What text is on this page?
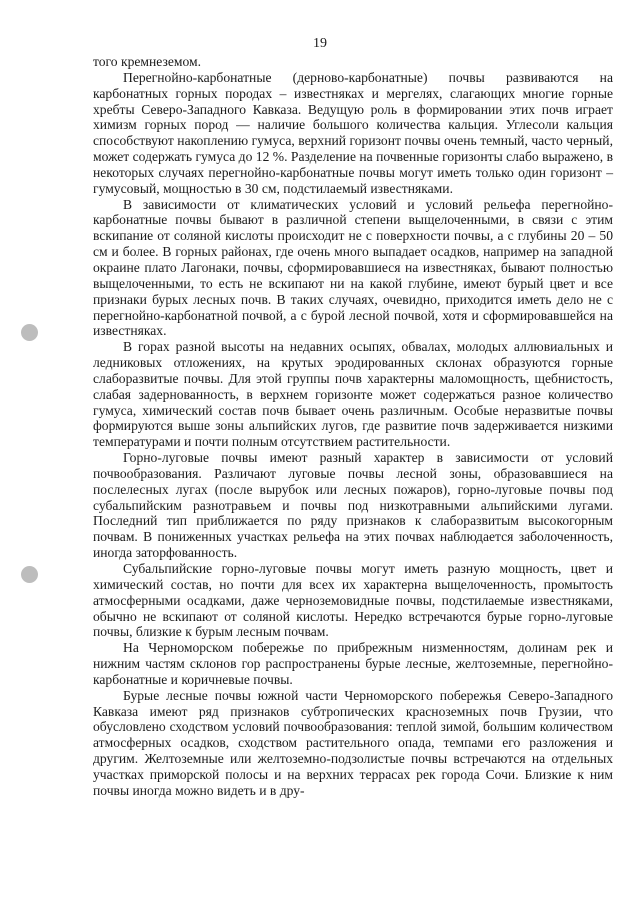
19

того кремнеземом.

Перегнойно-карбонатные (дерново-карбонатные) почвы развиваются на карбонатных горных породах – известняках и мергелях, слагающих многие горные хребты Северо-Западного Кавказа. Ведущую роль в формировании этих почв играет химизм горных пород — наличие большого количества кальция. Углесоли кальция способствуют накоплению гумуса, верхний горизонт почвы очень темный, часто черный, может содержать гумуса до 12 %. Разделение на почвенные горизонты слабо выражено, в некоторых случаях перегнойно-карбонатные почвы могут иметь только один горизонт – гумусовый, мощностью в 30 см, подстилаемый известняками.

В зависимости от климатических условий и условий рельефа перегнойно-карбонатные почвы бывают в различной степени выщелоченными, в связи с этим вскипание от соляной кислоты происходит не с поверхности почвы, а с глубины 20 – 50 см и более. В горных районах, где очень много выпадает осадков, например на западной окраине плато Лагонаки, почвы, сформировавшиеся на известняках, бывают полностью выщелоченными, то есть не вскипают ни на какой глубине, имеют бурый цвет и все признаки бурых лесных почв. В таких случаях, очевидно, приходится иметь дело не с перегнойно-карбонатной почвой, а с бурой лесной почвой, хотя и сформировавшейся на известняках.

В горах разной высоты на недавних осыпях, обвалах, молодых аллювиальных и ледниковых отложениях, на крутых эродированных склонах образуются горные слаборазвитые почвы. Для этой группы почв характерны маломощность, щебнистость, слабая задернованность, в верхнем горизонте может содержаться разное количество гумуса, химический состав почв бывает очень различным. Особые неразвитые почвы формируются выше зоны альпийских лугов, где развитие почв задерживается низкими температурами и почти полным отсутствием растительности.

Горно-луговые почвы имеют разный характер в зависимости от условий почвообразования. Различают луговые почвы лесной зоны, образовавшиеся на послелесных лугах (после вырубок или лесных пожаров), горно-луговые почвы под субальпийским разнотравьем и почвы под низкотравными альпийскими лугами. Последний тип приближается по ряду признаков к слаборазвитым высокогорным почвам. В пониженных участках рельефа на этих почвах наблюдается заболоченность, иногда заторфованность.

Субальпийские горно-луговые почвы могут иметь разную мощность, цвет и химический состав, но почти для всех их характерна выщелоченность, промытость атмосферными осадками, даже черноземовидные почвы, подстилаемые известняками, обычно не вскипают от соляной кислоты. Нередко встречаются бурые горно-луговые почвы, близкие к бурым лесным почвам.

На Черноморском побережье по прибрежным низменностям, долинам рек и нижним частям склонов гор распространены бурые лесные, желтоземные, перегнойно-карбонатные и коричневые почвы.

Бурые лесные почвы южной части Черноморского побережья Северо-Западного Кавказа имеют ряд признаков субтропических красноземных почв Грузии, что обусловлено сходством условий почвообразования: теплой зимой, большим количеством атмосферных осадков, сходством растительного опада, темпами его разложения и другим. Желтоземные или желтоземно-подзолистые почвы встречаются на отдельных участках приморской полосы и на верхних террасах рек города Сочи. Близкие к ним почвы иногда можно видеть и в дру-
